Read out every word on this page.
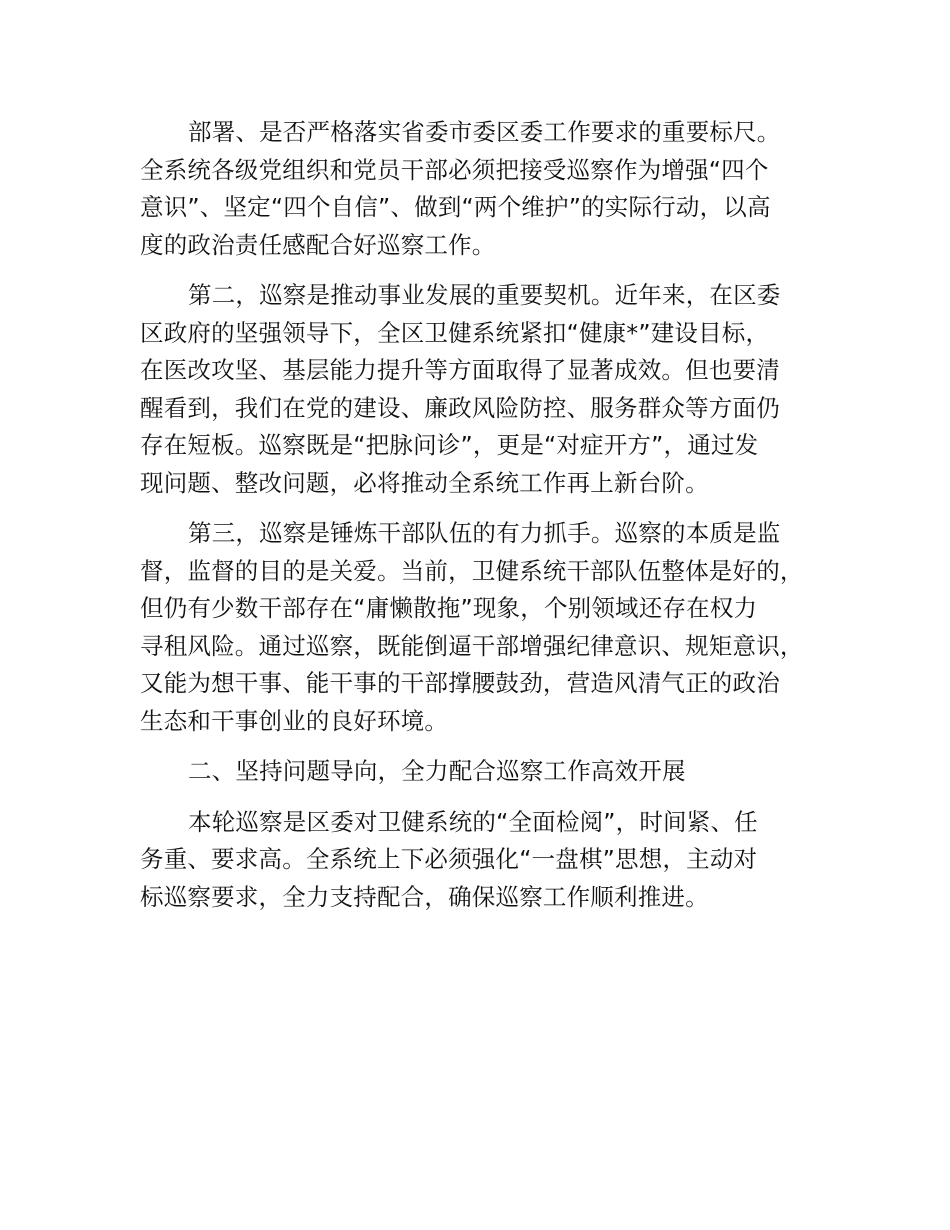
部署、是否严格落实省委市委区委工作要求的重要标尺。
全系统各级党组织和党员干部必须把接受巡察作为增强“四个
意识”、坚定“四个自信”、做到“两个维护”的实际行动，以高
度的政治责任感配合好巡察工作。

第二，巡察是推动事业发展的重要契机。近年来，在区委
区政府的坚强领导下，全区卫健系统紧扣“健康*”建设目标，
在医改攻坚、基层能力提升等方面取得了显著成效。但也要清
醒看到，我们在党的建设、廉政风险防控、服务群众等方面仍
存在短板。巡察既是“把脉问诊”，更是“对症开方”，通过发
现问题、整改问题，必将推动全系统工作再上新台阶。

第三，巡察是锤炼干部队伍的有力抓手。巡察的本质是监
督，监督的目的是关爱。当前，卫健系统干部队伍整体是好的，
但仍有少数干部存在“庸懒散拖”现象，个别领域还存在权力
寻租风险。通过巡察，既能倒逼干部增强纪律意识、规矩意识，
又能为想干事、能干事的干部撑腰鼓劲，营造风清气正的政治
生态和干事创业的良好环境。

二、坚持问题导向，全力配合巡察工作高效开展

本轮巡察是区委对卫健系统的“全面检阅”，时间紧、任
务重、要求高。全系统上下必须强化“一盘棋”思想，主动对
标巡察要求，全力支持配合，确保巡察工作顺利推进。
